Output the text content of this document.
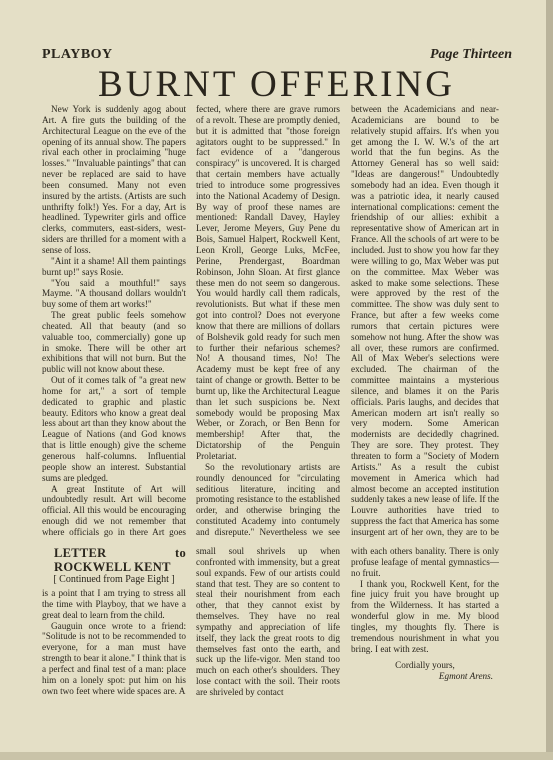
PLAYBOY	Page Thirteen
BURNT OFFERING

New York is suddenly agog about Art. A fire guts the building of the Architectural League on the eve of the opening of its annual show. The papers rival each other in proclaiming "huge losses." "Invaluable paintings" that can never be replaced are said to have been consumed. Many not even insured by the artists. (Artists are such unthrifty folk!) Yes. For a day, Art is headlined. Typewriter girls and office clerks, commuters, east-siders, west-siders are thrilled for a moment with a sense of loss.

"Aint it a shame! All them paintings burnt up!" says Rosie.

"You said a mouthful!" says Mayme. "A thousand dollars wouldn't buy some of them art works!"

The great public feels somehow cheated. All that beauty (and so valuable too, commercially) gone up in smoke. There will be other art exhibitions that will not burn. But the public will not know about these.

Out of it comes talk of "a great new home for art," a sort of temple dedicated to graphic and plastic beauty. Editors who know a great deal less about art than they know about the League of Nations (and God knows that is little enough) give the scheme generous half-columns. Influential people show an interest. Substantial sums are pledged.

A great Institute of Art will undoubtedly result. Art will become official. All this would be encouraging enough did we not remember that where officials go in there Art goes

fected, where there are grave rumors of a revolt. These are promptly denied, but it is admitted that "those foreign agitators ought to be suppressed." In fact evidence of a "dangerous conspiracy" is uncovered. It is charged that certain members have actually tried to introduce some progressives into the National Academy of Design. By way of proof these names are mentioned: Randall Davey, Hayley Lever, Jerome Meyers, Guy Pene du Bois, Samuel Halpert, Rockwell Kent, Leon Kroll, George Luks, McFee, Perine, Prendergast, Boardman Robinson, John Sloan. At first glance these men do not seem so dangerous. You would hardly call them radicals, revolutionists. But what if these men got into control? Does not everyone know that there are millions of dollars of Bolshevik gold ready for such men to further their nefarious schemes? No! A thousand times, No! The Academy must be kept free of any taint of change or growth. Better to be burnt up, like the Architectural League than let such suspicions be. Next somebody would be proposing Max Weber, or Zorach, or Ben Benn for membership! After that, the Dictatorship of the Penguin Proletariat.

So the revolutionary artists are roundly denounced for "circulating seditious literature, inciting and promoting resistance to the established order, and otherwise bringing the constituted Academy into contumely and disrepute." Nevertheless we see

between the Academicians and near-Academicians are bound to be relatively stupid affairs. It's when you get among the I. W. W.'s of the art world that the fun begins. As the Attorney General has so well said: "Ideas are dangerous!" Undoubtedly somebody had an idea. Even though it was a patriotic idea, it nearly caused international complications: cement the friendship of our allies: exhibit a representative show of American art in France. All the schools of art were to be included. Just to show you how far they were willing to go, Max Weber was put on the committee. Max Weber was asked to make some selections. These were approved by the rest of the committee. The show was duly sent to France, but after a few weeks come rumors that certain pictures were somehow not hung. After the show was all over, these rumors are confirmed. All of Max Weber's selections were excluded. The chairman of the committee maintains a mysterious silence, and blames it on the Paris officials. Paris laughs, and decides that American modern art isn't really so very modern. Some American modernists are decidedly chagrined. They are sore. They protest. They threaten to form a "Society of Modern Artists." As a result the cubist movement in America which had almost become an accepted institution suddenly takes a new lease of life. If the Louvre authorities have tried to suppress the fact that America has some insurgent art of her own, they are to be

LETTER to ROCKWELL KENT
[ Continued from Page Eight ]

is a point that I am trying to stress all the time with Playboy, that we have a great deal to learn from the child.

Gauguin once wrote to a friend: "Solitude is not to be recommended to everyone, for a man must have strength to bear it alone." I think that is a perfect and final test of a man: place him on a lonely spot: put him on his own two feet where wide spaces are. A

small soul shrivels up when confronted with immensity, but a great soul expands. Few of our artists could stand that test. They are so content to steal their nourishment from each other, that they cannot exist by themselves. They have no real sympathy and appreciation of life itself, they lack the great roots to dig themselves fast onto the earth, and suck up the life-vigor. Men stand too much on each other's shoulders. They lose contact with the soil. Their roots are shriveled by contact

with each others banality. There is only profuse leafage of mental gymnastics—no fruit.

I thank you, Rockwell Kent, for the fine juicy fruit you have brought up from the Wilderness. It has started a wonderful glow in me. My blood tingles, my thoughts fly. There is tremendous nourishment in what you bring. I eat with zest.

Cordially yours,
Egmont Arens.
